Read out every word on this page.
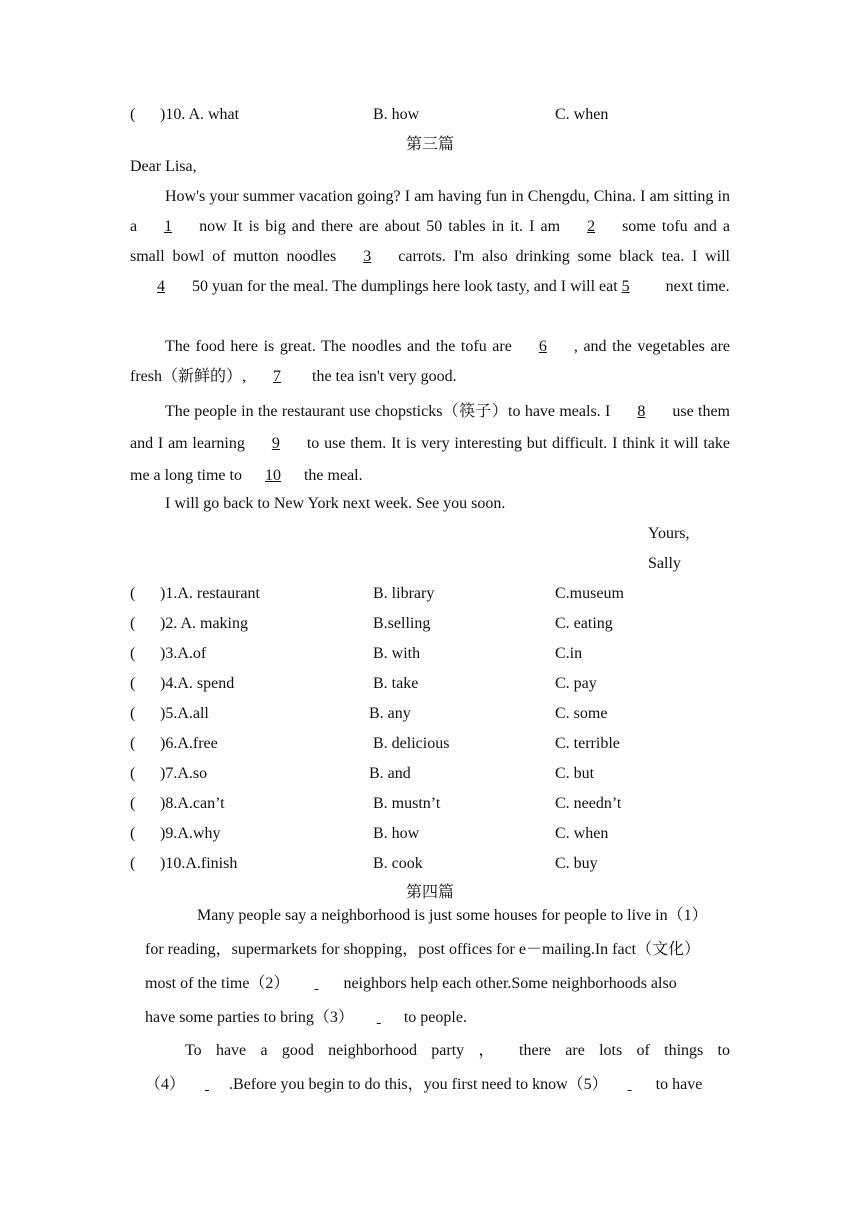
( )10. A. what	B. how	C. when
第三篇
Dear Lisa,
How's your summer vacation going? I am having fun in Chengdu, China. I am sitting in a 1 now It is big and there are about 50 tables in it. I am 2 some tofu and a small bowl of mutton noodles 3 carrots. I'm also drinking some black tea. I will4 50 yuan for the meal. The dumplings here look tasty, and I will eat 5 next time.
The food here is great. The noodles and the tofu are 6 , and the vegetables are fresh（新鲜的）, 7 the tea isn't very good.
The people in the restaurant use chopsticks（筷子）to have meals. I 8 use them and I am learning 9 to use them. It is very interesting but difficult. I think it will take me a long time to 10 the meal.
I will go back to New York next week. See you soon.
Yours,
Sally
( )1.A. restaurant	B. library	C.museum
( )2. A. making	B.selling	C. eating
( )3.A.of	B. with	C.in
( )4.A. spend	B. take	C. pay
( )5.A.all	B. any	C. some
( )6.A.free	B. delicious	C. terrible
( )7.A.so	B. and	C. but
( )8.A.can’t	B. mustn’t	C. needn’t
( )9.A.why	B. how	C. when
( )10.A.finish	B. cook	C. buy
第四篇
Many people say a neighborhood is just some houses for people to live in（1）
for reading，supermarkets for shopping，post offices for e－mailing.In fact（文化）
most of the time（2）	neighbors help each other.Some neighborhoods also
have some parties to bring（3）	to people.
To have a good neighborhood party ， there are lots of things to
（4）	.Before you begin to do this，you first need to know（5）	to have
